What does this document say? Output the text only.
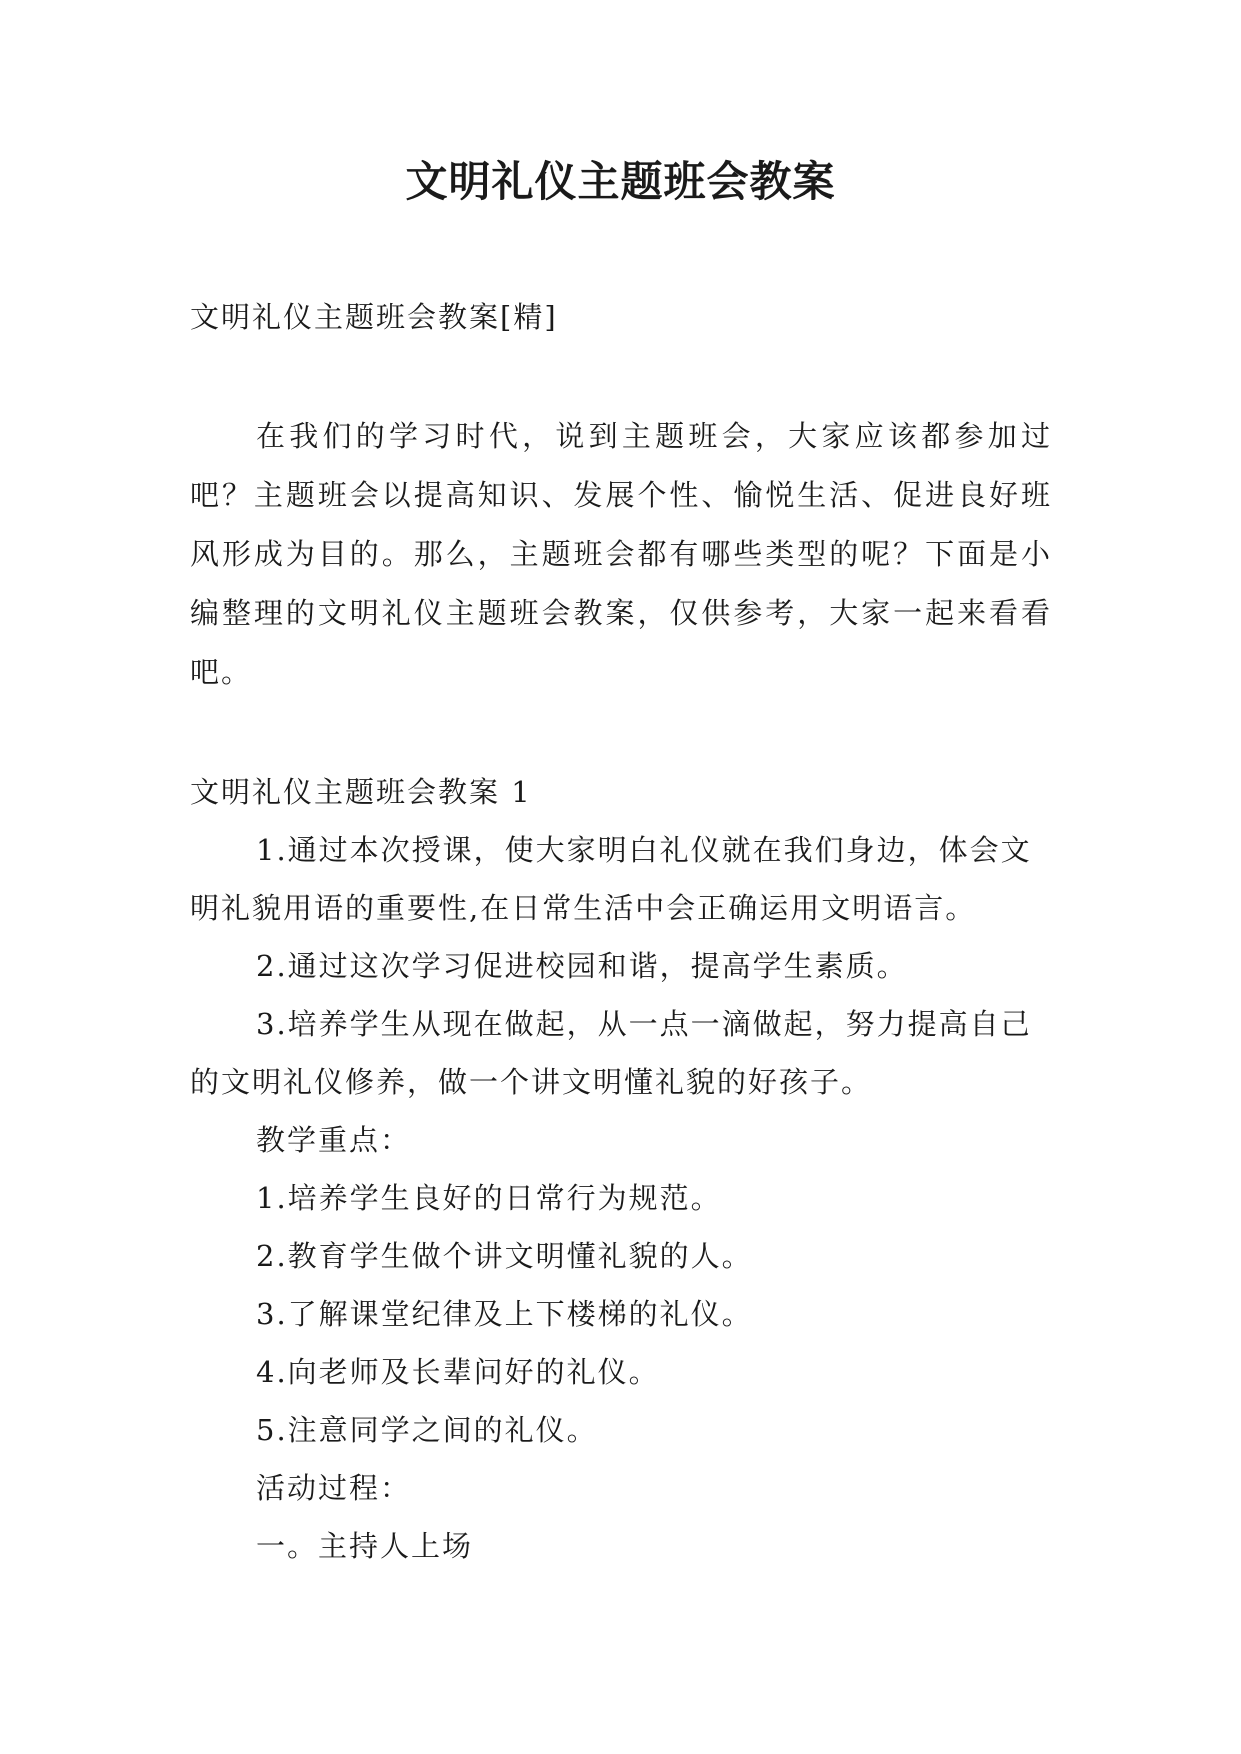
文明礼仪主题班会教案

文明礼仪主题班会教案[精]

在我们的学习时代，说到主题班会，大家应该都参加过吧？主题班会以提高知识、发展个性、愉悦生活、促进良好班风形成为目的。那么，主题班会都有哪些类型的呢？下面是小编整理的文明礼仪主题班会教案，仅供参考，大家一起来看看吧。

文明礼仪主题班会教案 1

1.通过本次授课，使大家明白礼仪就在我们身边，体会文明礼貌用语的重要性,在日常生活中会正确运用文明语言。

2.通过这次学习促进校园和谐，提高学生素质。

3.培养学生从现在做起，从一点一滴做起，努力提高自己的文明礼仪修养，做一个讲文明懂礼貌的好孩子。

教学重点：

1.培养学生良好的日常行为规范。

2.教育学生做个讲文明懂礼貌的人。

3.了解课堂纪律及上下楼梯的礼仪。

4.向老师及长辈问好的礼仪。

5.注意同学之间的礼仪。

活动过程：

一。主持人上场
